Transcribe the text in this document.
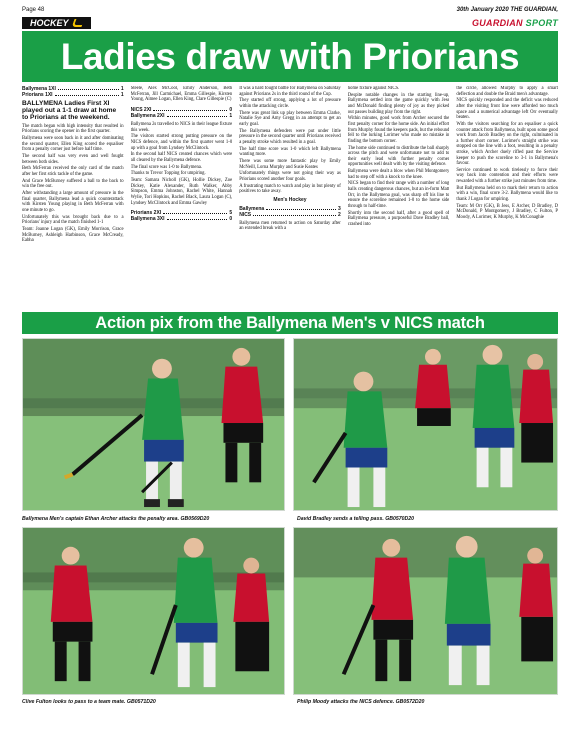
Page 48	30th January 2020 THE GUARDIAN,
HOCKEY	GUARDIAN SPORT
Ladies draw with Priorians
Ballymena 1XI	1
Priorians 1XI	1

BALLYMENA Ladies First XI played out a 1-1 draw at home to Priorians at the weekend.

The match began with high intensity that resulted in Priorians scoring the opener in the first quarter.

Ballymena were soon back in it and after dominating the second quarter, Ellen King scored the equaliser from a penalty corner just before half time.

The second half was very even and well fought between both sides.

Beth McFerran received the only card of the match after her first stick tackle of the game.

And Grace McBurney suffered a ball to the back to win the free out.

After withstanding a large amount of pressure in the final quarter, Ballymena lead a quick counterattack with Kirsten Young playing in Beth McFerran with one minute to go.

Unfortunately this was brought back due to a Priorians' injury and the match finished 1-1

Team: Joanne Logan (GK), Emily Morrison, Grace McBurney, Ashleigh Harbinson, Grace McCready, Eabha

Steele, Alex McCool, Emily Anderson, Beth McFerran, Jill Carmichael, Emma Gillespie, Kirsten Young, Aimee Logan, Ellen King, Clare Gillespie (C)

NICS 2XI	0
Ballymena 2XI	1

Ballymena 2s travelled to NICS in their league fixture this week.

The visitors started strong putting pressure on the NICS defence, and within the first quarter went 1-0 up with a goal from Lyndsey McClintock.

In the second half NICS created chances which were all cleared by the Ballymena defence.

The final score was 1-0 to Ballymena.

Thanks to Trevor Topping for umpiring.

Team: Samara Nicholl (GK), Hollie Dickey, Zoe Dickey, Katie Alexander, Ruth Walker, Abby Simpson, Emma Johnston, Rachel White, Hannah Wylie, Tori Hopkins, Rachel Black, Laura Logan (C), Lyndsey McClintock and Emma Gawley

Priorians 2XI	5
Ballymena 3XI	0

It was a hard fought battle for Ballymena on Saturday against Priorians 2s in the third round of the Cup.

They started off strong, applying a lot of pressure within the attacking circle.

There was great link up play between Emma Clarke, Natalie Sye and Amy Gregg in an attempt to get an early goal.

The Ballymena defenders were put under little pressure in the second quarter until Priorians received a penalty stroke which resulted in a goal.

The half time score was 1-0 which left Ballymena wanting more.

There was some more fantastic play by Emily McNeill, Lorna Murphy and Susie Keates

Unfortunately things were not going their way as Priorians scored another four goals.

A frustrating match to watch and play in but plenty of positives to take away.

Men's Hockey

Ballymena	3
NICS	2

Ballymena men returned to action on Saturday after an extended break with a

home fixture against NICS.

Despite notable changes in the starting line-up, Ballymena settled into the game quickly with Jess and McDonald finding plenty of joy as they picked out passes building play from the right.

Within minutes, good work from Archer secured the first penalty corner for the home side. An initial effort from Murphy found the keepers pads, but the rebound fell to the lurking Lorimer who made no mistake in finding the bottom corner.

The home side continued to distribute the ball sharply across the pitch and were unfortunate not to add to their early lead with further penalty corner opportunities well dealt with by the visiting defence.

Ballymena were dealt a blow when Phil Montgomery had to step off with a knock to the knee.

NICS began to find their range with a number of long balls creating dangerous chances, but an in-form Matt Orr, in the Ballymena goal, was sharp off his line to ensure the scoreline remained 1-0 to the home side through to half-time.

Shortly into the second half, after a good spell of Ballymena pressure, a purposeful Dave Bradley ball, crashed into

the circle, allowed Murphy to apply a smart deflection and double the Braid men's advantage.

NICS quickly responded and the deficit was reduced after the visiting front line were afforded too much space and a numerical advantage left Orr eventually beaten.

With the visitors searching for an equaliser a quick counter attack from Ballymena, built upon some good work from Jacob Bradley on the right, culminated in a further short corner. Lorimer's straight strike was stopped on the line with a foot, resulting in a penalty stroke, which Archer duely rifled past the Service keeper to push the scoreline to 3-1 in Ballymena's favour.

Service continued to work tirelessly to force their way back into contention and their efforts were rewarded with a further strike just minutes from time.

But Ballymena held on to mark their return to action with a win, final score 3-2. Ballymena would like to thank J Logan for umpiring.

Team: M Orr (GK), B Jess, E Archer, D Bradley, D McDonald, P Montgomery, J Bradley, C Fulton, P Moody, A Lorimer, K Murphy, K McConaghie

Action pix from the Ballymena Men's v NICS match
Ballymena Men's captain Ethan Archer attacks the penalty area. GB0569D20	David Bradley sends a telling pass. GB0570D20
Clive Fulton looks to pass to a team mate. GB0571D20	Philip Moody attacks the NICS defence. GB0572D20
